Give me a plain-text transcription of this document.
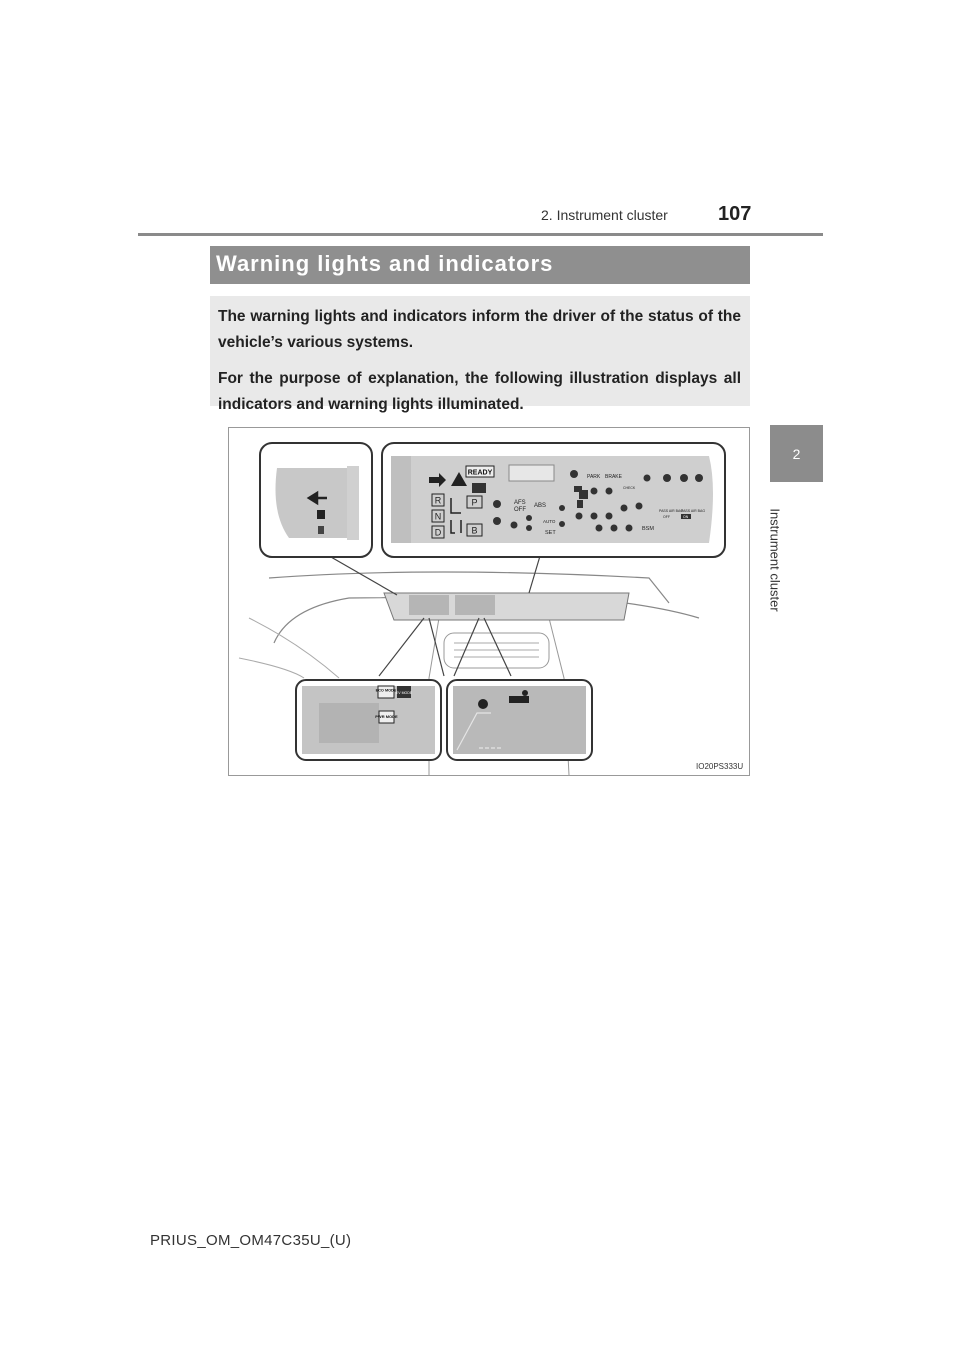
2. Instrument cluster	107
2
Instrument cluster
Warning lights and indicators

The warning lights and indicators inform the driver of the status of the vehicle’s various systems.

For the purpose of explanation, the following illustration displays all indicators and warning lights illuminated.

READY
R
N
D
P
B
AFS
OFF
ABS
AUTO
SET
PARK BRAKE
CHECK
BSM
PASS AIR BAG
OFF
PASS AIR BAG
ON
ECO MODE
EV MODE
PWR MODE
IO20PS333U
PRIUS_OM_OM47C35U_(U)
